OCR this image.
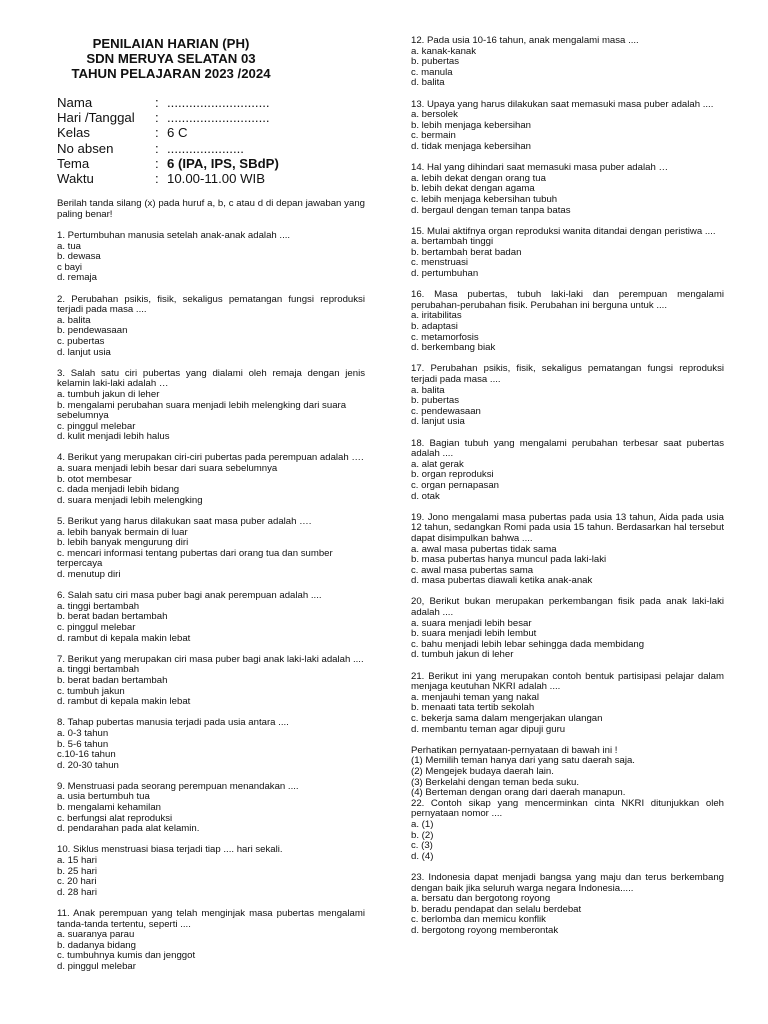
PENILAIAN HARIAN (PH)
SDN MERUYA SELATAN 03
TAHUN PELAJARAN 2023 /2024
Nama	: ............................
Hari /Tanggal	: ............................
Kelas	: 6 C
No absen	: .....................
Tema	: 6 (IPA, IPS, SBdP)
Waktu	: 10.00-11.00 WIB
Berilah tanda silang (x) pada huruf a, b, c atau d di depan jawaban yang paling benar!
1. Pertumbuhan manusia setelah anak-anak adalah ....
a. tua
b. dewasa
c bayi
d. remaja
2. Perubahan psikis, fisik, sekaligus pematangan fungsi reproduksi terjadi pada masa ....
a. balita
b. pendewasaan
c. pubertas
d. lanjut usia
3. Salah satu ciri pubertas yang dialami oleh remaja dengan jenis kelamin laki-laki adalah …
a. tumbuh jakun di leher
b. mengalami perubahan suara menjadi lebih melengking dari suara sebelumnya
c. pinggul melebar
d. kulit menjadi lebih halus
4. Berikut yang merupakan ciri-ciri pubertas pada perempuan adalah ….
a. suara menjadi lebih besar dari suara sebelumnya
b. otot membesar
c. dada menjadi lebih bidang
d. suara menjadi lebih melengking
5. Berikut yang harus dilakukan saat masa puber adalah ….
a. lebih banyak bermain di luar
b. lebih banyak mengurung diri
c. mencari informasi tentang pubertas dari orang tua dan sumber terpercaya
d. menutup diri
6. Salah satu ciri masa puber bagi anak perempuan adalah ....
a. tinggi bertambah
b. berat badan bertambah
c. pinggul melebar
d. rambut di kepala makin lebat
7. Berikut yang merupakan ciri masa puber bagi anak laki-laki adalah ....
a. tinggi bertambah
b. berat badan bertambah
c. tumbuh jakun
d. rambut di kepala makin lebat
8. Tahap pubertas manusia terjadi pada usia antara ....
a. 0-3 tahun
b. 5-6 tahun
c.10-16 tahun
d. 20-30 tahun
9. Menstruasi pada seorang perempuan menandakan ....
a. usia bertumbuh tua
b. mengalami kehamilan
c. berfungsi alat reproduksi
d. pendarahan pada alat kelamin.
10. Siklus menstruasi biasa terjadi tiap .... hari sekali.
a. 15 hari
b. 25 hari
c. 20 hari
d. 28 hari
11. Anak perempuan yang telah menginjak masa pubertas mengalami tanda-tanda tertentu, seperti ....
a. suaranya parau
b. dadanya bidang
c. tumbuhnya kumis dan jenggot
d. pinggul melebar
12. Pada usia 10-16 tahun, anak mengalami masa ....
a. kanak-kanak
b. pubertas
c. manula
d. balita
13. Upaya yang harus dilakukan saat memasuki masa puber adalah ....
a. bersolek
b. lebih menjaga kebersihan
c. bermain
d. tidak menjaga kebersihan
14. Hal yang dihindari saat memasuki masa puber adalah …
a. lebih dekat dengan orang tua
b. lebih dekat dengan agama
c. lebih menjaga kebersihan tubuh
d. bergaul dengan teman tanpa batas
15. Mulai aktifnya organ reproduksi wanita ditandai dengan peristiwa ....
a. bertambah tinggi
b. bertambah berat badan
c. menstruasi
d. pertumbuhan
16. Masa pubertas, tubuh laki-laki dan perempuan mengalami perubahan-perubahan fisik. Perubahan ini berguna untuk ....
a. iritabilitas
b. adaptasi
c. metamorfosis
d. berkembang biak
17. Perubahan psikis, fisik, sekaligus pematangan fungsi reproduksi terjadi pada masa ....
a. balita
b. pubertas
c. pendewasaan
d. lanjut usia
18. Bagian tubuh yang mengalami perubahan terbesar saat pubertas adalah ....
a. alat gerak
b. organ reproduksi
c. organ pernapasan
d. otak
19. Jono mengalami masa pubertas pada usia 13 tahun, Aida pada usia 12 tahun, sedangkan Romi pada usia 15 tahun. Berdasarkan hal tersebut dapat disimpulkan bahwa ....
a. awal masa pubertas tidak sama
b. masa pubertas hanya muncul pada laki-laki
c. awal masa pubertas sama
d. masa pubertas diawali ketika anak-anak
20, Berikut bukan merupakan perkembangan fisik pada anak laki-laki adalah ....
a. suara menjadi lebih besar
b. suara menjadi lebih lembut
c. bahu menjadi lebih lebar sehingga dada membidang
d. tumbuh jakun di leher
21. Berikut ini yang merupakan contoh bentuk partisipasi pelajar dalam menjaga keutuhan NKRI adalah ....
a. menjauhi teman yang nakal
b. menaati tata tertib sekolah
c. bekerja sama dalam mengerjakan ulangan
d. membantu teman agar dipuji guru
Perhatikan pernyataan-pernyataan di bawah ini !
(1) Memilih teman hanya dari yang satu daerah saja.
(2) Mengejek budaya daerah lain.
(3) Berkelahi dengan teman beda suku.
(4) Berteman dengan orang dari daerah manapun.
22. Contoh sikap yang mencerminkan cinta NKRI ditunjukkan oleh pernyataan nomor ....
a. (1)
b. (2)
c. (3)
d. (4)
23. Indonesia dapat menjadi bangsa yang maju dan terus berkembang dengan baik jika seluruh warga negara Indonesia.....
a. bersatu dan bergotong royong
b. beradu pendapat dan selalu berdebat
c. berlomba dan memicu konflik
d. bergotong royong memberontak
